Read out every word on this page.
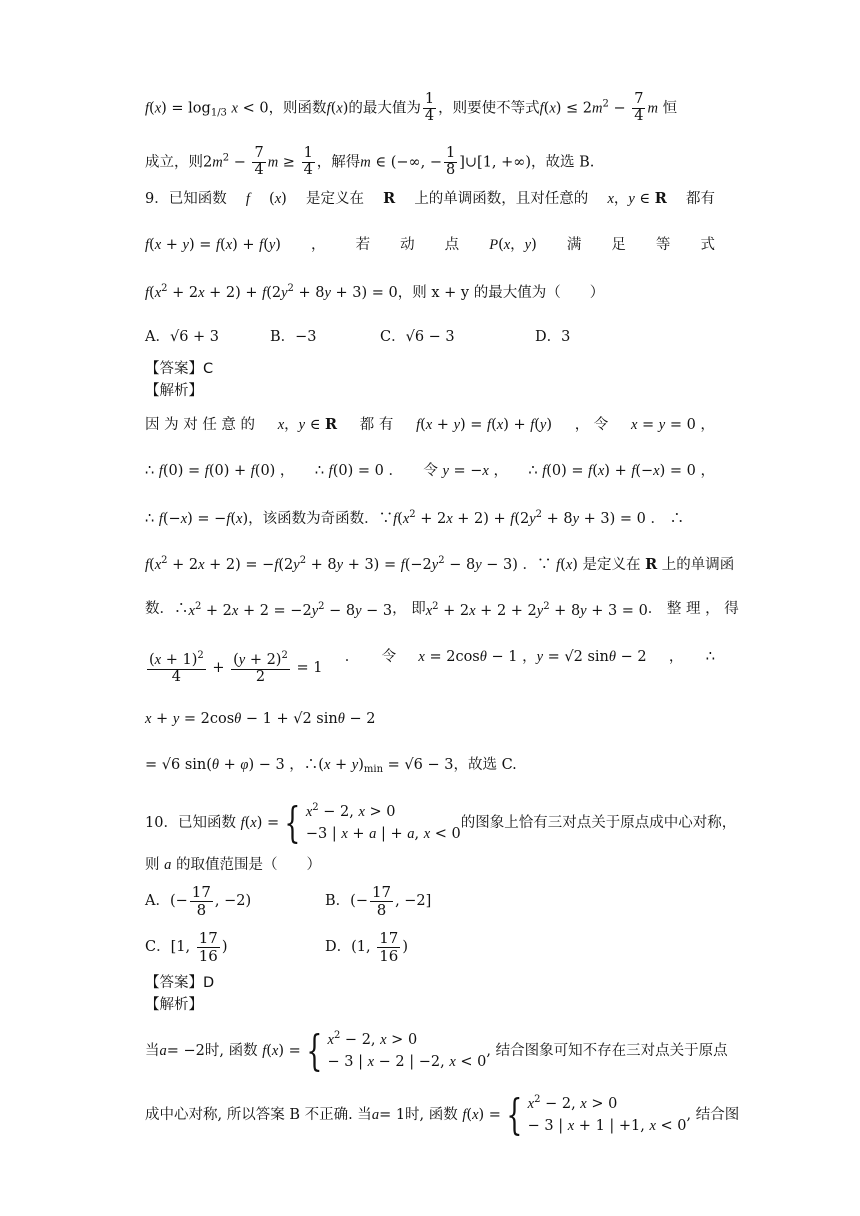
$f(x) = \log_{1/3} x < 0$，则函数f(x)的最大值为 $\frac{1}{4}$ ，则要使不等式$f(x) \le 2m^2 - \frac{7}{4}$ m 恒
成立，则$2m^2 - \frac{7}{4}$ $m \ge \frac{1}{4}$ ，解得m ∈ (−∞, − $\frac{1}{8}$ ]∪[1, +∞)，故选 B.
9．已知函数 f (x) 是定义在 R 上的单调函数，且对任意的 x，y ∈ R 都有
f(x + y) = f(x) + f(y) ， 若 动 点 P(x，y) 满 足 等 式
$f(x^2 + 2x + 2) + f(2y^2 + 8y + 3) = 0$，则 x + y 的最大值为（　　）
A．√6 + 3	B．−3	C．√6 − 3	D．3
【答案】C
【解析】
因 为 对 任 意 的 x，y ∈ R 都 有 f(x + y) = f(x) + f(y) ， 令 x = y = 0 ，
∴ f(0) = f(0) + f(0) ， ∴ f(0) = 0 ． 令 y = −x ， ∴ f(0) = f(x) + f(−x) = 0 ，
∴ f(−x) = −f(x)，该函数为奇函数．$\because f(x^2 + 2x + 2) + f(2y^2 + 8y + 3) = 0$ ． ∴
$f(x^2 + 2x + 2) = -f(2y^2 + 8y + 3) = f(-2y^2 - 8y - 3)$ ．∵ f(x) 是定义在 R 上的单调函
数．∴ $x^2 + 2x + 2 = -2y^2 - 8y - 3$ ， 即 $x^2 + 2x + 2 + 2y^2 + 8y + 3 = 0$ ． 整 理 ， 得
$\frac{(x + 1)^2}{4} + \frac{(y + 2)^2}{2} = 1$
． 令 x = 2cosθ − 1 ，y = √2 sinθ − 2 ， ∴
x + y = 2cosθ − 1 + √2 sinθ − 2
= √6 sin(θ + φ) − 3 ，∴(x + $y)_{min} = √6 - 3$，故选 C.
10． 已知函数
f ( x ) = { $x^2 - 2$, x > 0
−3 | x + a | + a, x < 0
的图象上恰有三对点关于原点成中心对称，
则 a 的取值范围是（　　）
A．(− $\frac{17}{8}$ , −2)	B．(− $\frac{17}{8}$ , −2]
C．[1, $\frac{17}{16}$ )	D．(1, $\frac{17}{16}$ )
【答案】D
【解析】
当 a = −2 时, 函数
f ( x ) = { $x^2 - 2$, x > 0
− 3 | x − 2 | −2, x < 0
, 结合图象可知不存在三对点关于原点
成中心对称, 所以答案 B 不正确. 当 a = 1 时, 函数
f ( x ) = { $x^2 - 2$, x > 0
− 3 | x + 1 | +1, x < 0
, 结合图
